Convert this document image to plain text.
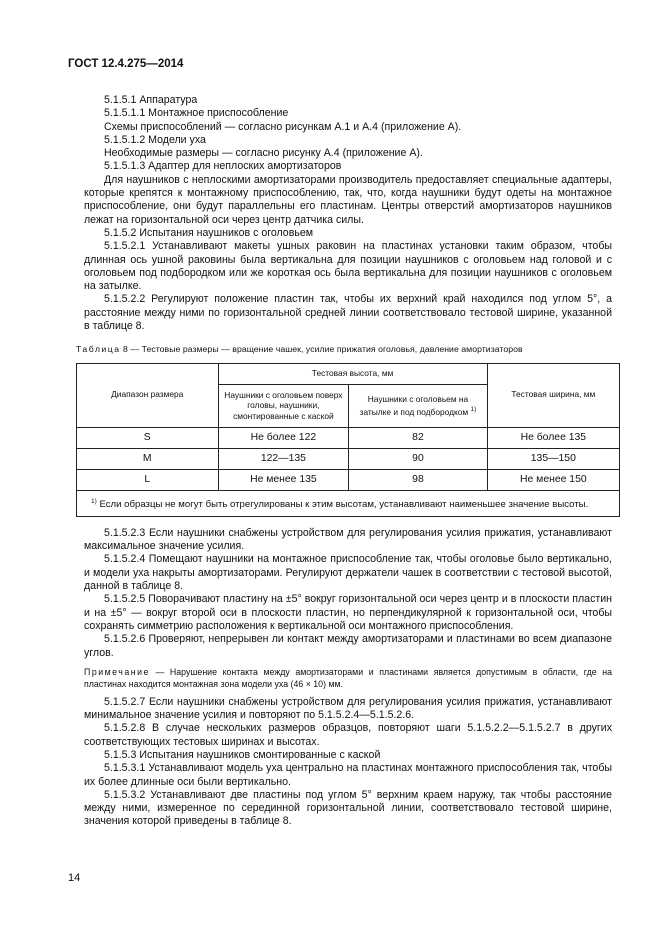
ГОСТ 12.4.275—2014

5.1.5.1 Аппаратура

5.1.5.1.1 Монтажное приспособление

Схемы приспособлений — согласно рисункам А.1 и А.4 (приложение А).

5.1.5.1.2 Модели уха

Необходимые размеры — согласно рисунку А.4 (приложение А).

5.1.5.1.3 Адаптер для неплоских амортизаторов

Для наушников с неплоскими амортизаторами производитель предоставляет специальные адаптеры, которые крепятся к монтажному приспособлению, так, что, когда наушники будут одеты на монтажное приспособление, они будут параллельны его пластинам. Центры отверстий амортизаторов наушников лежат на горизонтальной оси через центр датчика силы.

5.1.5.2 Испытания наушников с оголовьем

5.1.5.2.1 Устанавливают макеты ушных раковин на пластинах установки таким образом, чтобы длинная ось ушной раковины была вертикальна для позиции наушников с оголовьем над головой и с оголовьем под подбородком или же короткая ось была вертикальна для позиции наушников с оголовьем на затылке.

5.1.5.2.2 Регулируют положение пластин так, чтобы их верхний край находился под углом 5°, а расстояние между ними по горизонтальной средней линии соответствовало тестовой ширине, указанной в таблице 8.

Таблица 8 — Тестовые размеры — вращение чашек, усилие прижатия оголовья, давление амортизаторов
Диапазон размера	Тестовая высота, мм		Тестовая ширина, мм
	Наушники с оголовьем поверх головы, наушники, смонтированные с каской	Наушники с оголовьем на затылке и под подбородком $^{1)}$
S	Не более 122	82	Не более 135
M	122—135	90	135—150
L	Не менее 135	98	Не менее 150
$^{1)}$ Если образцы не могут быть отрегулированы к этим высотам, устанавливают наименьшее значение высоты.			

5.1.5.2.3 Если наушники снабжены устройством для регулирования усилия прижатия, устанавливают максимальное значение усилия.

5.1.5.2.4 Помещают наушники на монтажное приспособление так, чтобы оголовье было вертикально, и модели уха накрыты амортизаторами. Регулируют держатели чашек в соответствии с тестовой высотой, данной в таблице 8.

5.1.5.2.5 Поворачивают пластину на ±5° вокруг горизонтальной оси через центр и в плоскости пластин и на ±5° — вокруг второй оси в плоскости пластин, но перпендикулярной к горизонтальной оси, чтобы сохранять симметрию расположения к вертикальной оси монтажного приспособления.

5.1.5.2.6 Проверяют, непрерывен ли контакт между амортизаторами и пластинами во всем диапазоне углов.

Примечание — Нарушение контакта между амортизаторами и пластинами является допустимым в области, где на пластинах находится монтажная зона модели уха (46 × 10) мм.

5.1.5.2.7 Если наушники снабжены устройством для регулирования усилия прижатия, устанавливают минимальное значение усилия и повторяют по 5.1.5.2.4—5.1.5.2.6.

5.1.5.2.8 В случае нескольких размеров образцов, повторяют шаги 5.1.5.2.2—5.1.5.2.7 в других соответствующих тестовых ширинах и высотах.

5.1.5.3 Испытания наушников смонтированные с каской

5.1.5.3.1 Устанавливают модель уха центрально на пластинах монтажного приспособления так, чтобы их более длинные оси были вертикально.

5.1.5.3.2 Устанавливают две пластины под углом 5° верхним краем наружу, так чтобы расстояние между ними, измеренное по серединной горизонтальной линии, соответствовало тестовой ширине, значения которой приведены в таблице 8.

14
